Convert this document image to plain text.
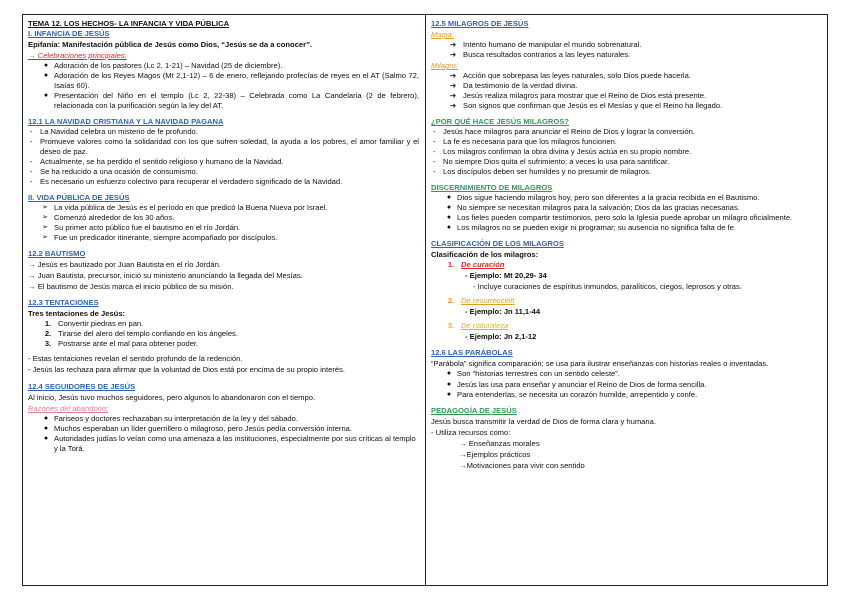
TEMA 12. LOS HECHOS- LA INFANCIA Y VIDA PÚBLICA
I. INFANCIA DE JESÚS

Epifanía: Manifestación pública de Jesús como Dios, “Jesús se da a conocer”.

→ Celebraciones principales:
● Adoración de los pastores (Lc 2, 1-21) – Navidad (25 de diciembre).
● Adoración de los Reyes Magos (Mt 2,1-12) – 6 de enero, reflejando profecías de reyes en el AT (Salmo 72, Isaías 60).
● Presentación del Niño en el templo (Lc 2, 22-38) – Celebrada como La Candelaria (2 de febrero), relacionada con la purificación según la ley del AT.
12.1 LA NAVIDAD CRISTIANA Y LA NAVIDAD PAGANA
- La Navidad celebra un misterio de fe profundo.
- Promueve valores como la solidaridad con los que sufren soledad, la ayuda a los pobres, el amor familiar y el deseo de paz.
- Actualmente, se ha perdido el sentido religioso y humano de la Navidad.
- Se ha reducido a una ocasión de consumismo.
- Es necesario un esfuerzo colectivo para recuperar el verdadero significado de la Navidad.
II. VIDA PÚBLICA DE JESÚS
➢ La vida pública de Jesús es el período en que predicó la Buena Nueva por Israel.
➢ Comenzó alrededor de los 30 años.
➢ Su primer acto público fue el bautismo en el río Jordán.
➢ Fue un predicador itinerante, siempre acompañado por discípulos.
12.2 BAUTISMO

→ Jesús es bautizado por Juan Bautista en el río Jordán.

→ Juan Bautista, precursor, inició su ministerio anunciando la llegada del Mesías.

→ El bautismo de Jesús marca el inicio público de su misión.

12.3 TENTACIONES

Tres tentaciones de Jesús:

1. Convertir piedras en pan.
2. Tirarse del alero del templo confiando en los ángeles.
3. Postrarse ante el mal para obtener poder.

- Estas tentaciones revelan el sentido profundo de la redención.

- Jesús las rechaza para afirmar que la voluntad de Dios está por encima de su propio interés.

12.4 SEGUIDORES DE JESÚS

Al inicio, Jesús tuvo muchos seguidores, pero algunos lo abandonaron con el tiempo.

Razones del abandono:
● Fariseos y doctores rechazaban su interpretación de la ley y del sábado.
● Muchos esperaban un líder guerrillero o milagroso, pero Jesús pedía conversión interna.
● Autoridades judías lo veían como una amenaza a las instituciones, especialmente por sus críticas al templo y la Torá.
12.5 MILAGROS DE JESÚS
Magia:
➔ Intento humano de manipular el mundo sobrenatural.
➔ Busca resultados contrarios a las leyes naturales.
Milagro:
➔ Acción que sobrepasa las leyes naturales, solo Dios puede hacerla.
➔ Da testimonio de la verdad divina.
➔ Jesús realiza milagros para mostrar que el Reino de Dios está presente.
➔ Son signos que confirman que Jesús es el Mesías y que el Reino ha llegado.
¿POR QUÉ HACE JESÚS MILAGROS?
- Jesús hace milagros para anunciar el Reino de Dios y lograr la conversión.
- La fe es necesaria para que los milagros funcionen.
- Los milagros confirman la obra divina y Jesús actúa en su propio nombre.
- No siempre Dios quita el sufrimiento; a veces lo usa para santificar.
- Los discípulos deben ser humildes y no presumir de milagros.
DISCERNIMIENTO DE MILAGROS
● Dios sigue haciendo milagros hoy, pero son diferentes a la gracia recibida en el Bautismo.
● No siempre se necesitan milagros para la salvación; Dios da las gracias necesarias.
● Los fieles pueden compartir testimonios, pero solo la Iglesia puede aprobar un milagro oficialmente.
● Los milagros no se pueden exigir ni programar; su ausencia no significa falta de fe.
CLASIFICACIÓN DE LOS MILAGROS

Clasificación de los milagros:

1. De curación

- Ejemplo: Mt 20,29- 34

- Incluye curaciones de espíritus inmundos, paralíticos, ciegos, leprosos y otras.

2. De resurrección

- Ejemplo: Jn 11,1-44

3. De naturaleza

- Ejemplo: Jn 2,1-12

12.6 LAS PARÁBOLAS

“Parábola” significa comparación; se usa para ilustrar enseñanzas con historias reales o inventadas.

● Son “historias terrestres con un sentido celeste”.
● Jesús las usa para enseñar y anunciar el Reino de Dios de forma sencilla.
● Para entenderlas, se necesita un corazón humilde, arrepentido y confe.
PEDAGOGÍA DE JESÚS

Jesús busca transmitir la verdad de Dios de forma clara y humana.

- Utiliza recursos como:

→ Enseñanzas morales

→Ejemplos prácticos

→Motivaciones para vivir con sentido
